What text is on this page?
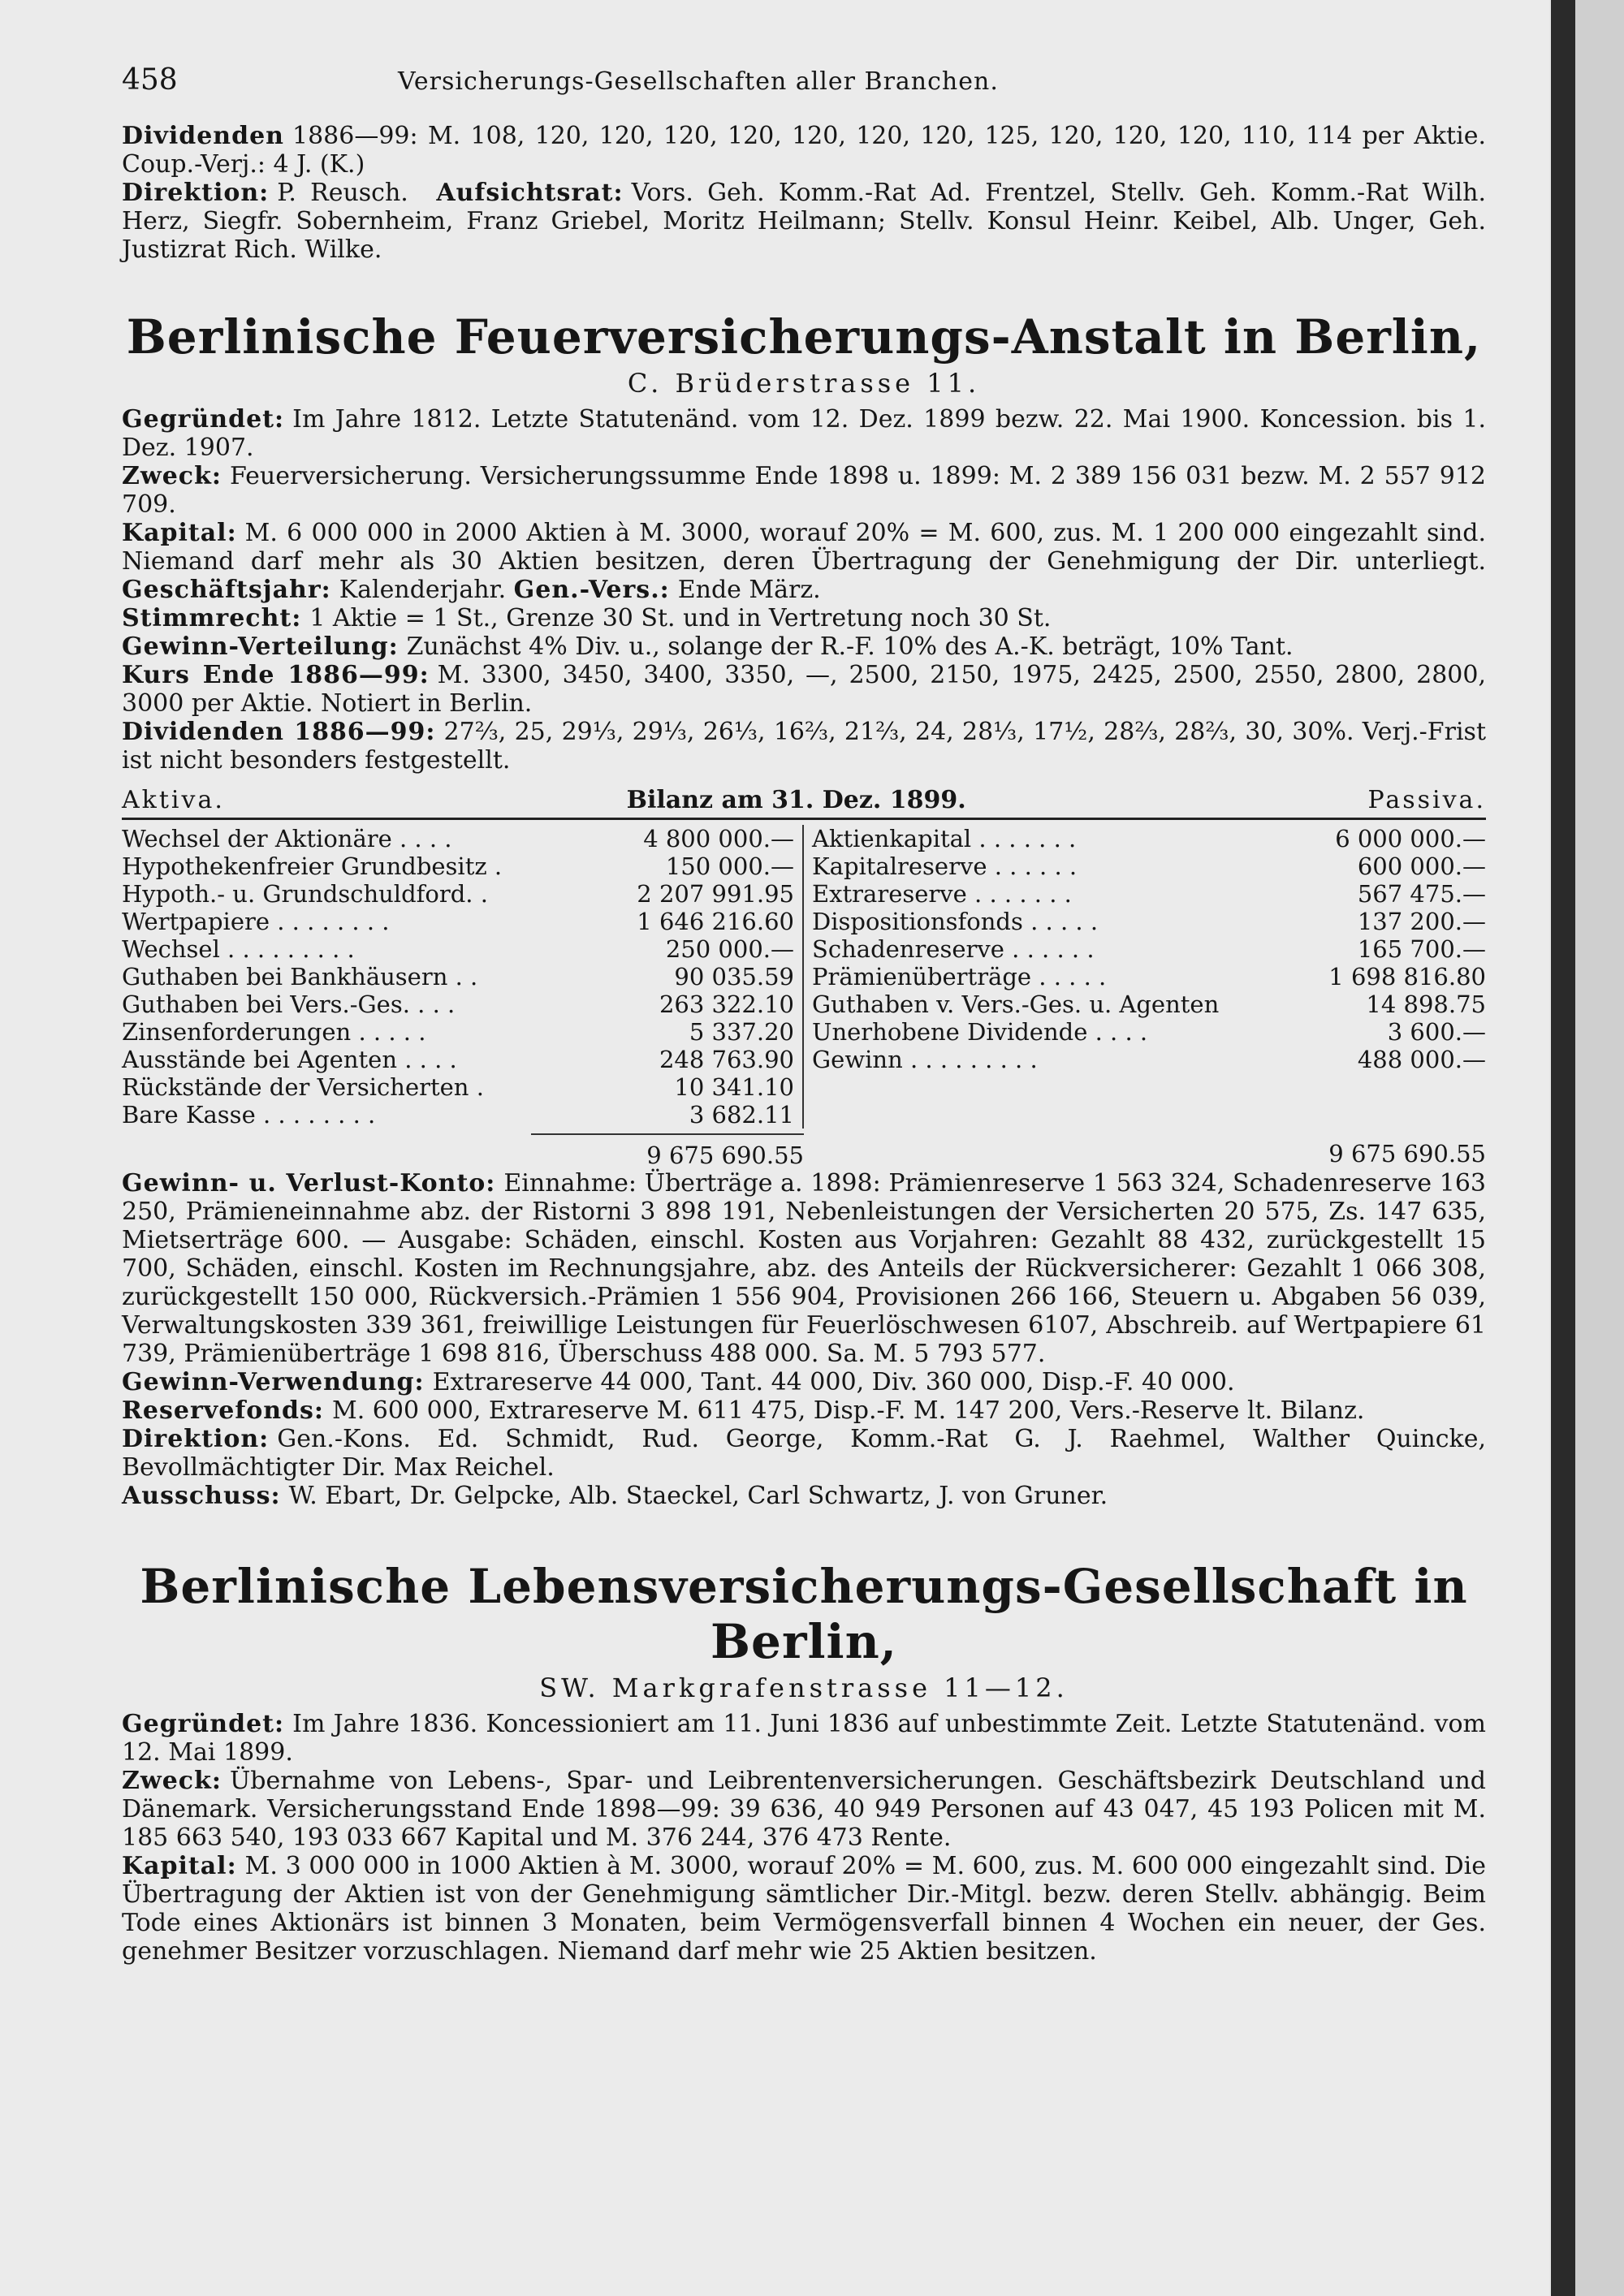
458	Versicherungs-Gesellschaften aller Branchen.

Dividenden 1886—99: M. 108, 120, 120, 120, 120, 120, 120, 120, 125, 120, 120, 120, 110, 114 per Aktie. Coup.-Verj.: 4 J. (K.)

Direktion: P. Reusch. Aufsichtsrat: Vors. Geh. Komm.-Rat Ad. Frentzel, Stellv. Geh. Komm.-Rat Wilh. Herz, Siegfr. Sobernheim, Franz Griebel, Moritz Heilmann; Stellv. Konsul Heinr. Keibel, Alb. Unger, Geh. Justizrat Rich. Wilke.

Berlinische Feuerversicherungs-Anstalt in Berlin,
C. Brüderstrasse 11.

Gegründet: Im Jahre 1812. Letzte Statutenänd. vom 12. Dez. 1899 bezw. 22. Mai 1900. Koncession. bis 1. Dez. 1907.

Zweck: Feuerversicherung. Versicherungssumme Ende 1898 u. 1899: M. 2 389 156 031 bezw. M. 2 557 912 709.

Kapital: M. 6 000 000 in 2000 Aktien à M. 3000, worauf 20% = M. 600, zus. M. 1 200 000 eingezahlt sind. Niemand darf mehr als 30 Aktien besitzen, deren Übertragung der Genehmigung der Dir. unterliegt. Geschäftsjahr: Kalenderjahr. Gen.-Vers.: Ende März.

Stimmrecht: 1 Aktie = 1 St., Grenze 30 St. und in Vertretung noch 30 St.

Gewinn-Verteilung: Zunächst 4% Div. u., solange der R.-F. 10% des A.-K. beträgt, 10% Tant.

Kurs Ende 1886—99: M. 3300, 3450, 3400, 3350, —, 2500, 2150, 1975, 2425, 2500, 2550, 2800, 2800, 3000 per Aktie. Notiert in Berlin.

Dividenden 1886—99: 27⅔, 25, 29⅓, 29⅓, 26⅓, 16⅔, 21⅔, 24, 28⅓, 17½, 28⅔, 28⅔, 30, 30%. Verj.-Frist ist nicht besonders festgestellt.

Aktiva.	Bilanz am 31. Dez. 1899.	Passiva.
Wechsel der Aktionäre . . . .	4 800 000.—
Hypothekenfreier Grundbesitz .	150 000.—
Hypoth.- u. Grundschuldford. .	2 207 991.95
Wertpapiere . . . . . . . .	1 646 216.60
Wechsel . . . . . . . . .	250 000.—
Guthaben bei Bankhäusern . .	90 035.59
Guthaben bei Vers.-Ges. . . .	263 322.10
Zinsenforderungen . . . . .	5 337.20
Ausstände bei Agenten . . . .	248 763.90
Rückstände der Versicherten .	10 341.10
Bare Kasse . . . . . . . .	3 682.11
Aktienkapital . . . . . . .	6 000 000.—
Kapitalreserve . . . . . .	600 000.—
Extrareserve . . . . . . .	567 475.—
Dispositionsfonds . . . . .	137 200.—
Schadenreserve . . . . . .	165 700.—
Prämienüberträge . . . . .	1 698 816.80
Guthaben v. Vers.-Ges. u. Agenten	14 898.75
Unerhobene Dividende . . . .	3 600.—
Gewinn . . . . . . . . .	488 000.—
9 675 690.55	9 675 690.55

Gewinn- u. Verlust-Konto: Einnahme: Überträge a. 1898: Prämienreserve 1 563 324, Schadenreserve 163 250, Prämieneinnahme abz. der Ristorni 3 898 191, Nebenleistungen der Versicherten 20 575, Zs. 147 635, Mietserträge 600. — Ausgabe: Schäden, einschl. Kosten aus Vorjahren: Gezahlt 88 432, zurückgestellt 15 700, Schäden, einschl. Kosten im Rechnungsjahre, abz. des Anteils der Rückversicherer: Gezahlt 1 066 308, zurückgestellt 150 000, Rückversich.-Prämien 1 556 904, Provisionen 266 166, Steuern u. Abgaben 56 039, Verwaltungskosten 339 361, freiwillige Leistungen für Feuerlöschwesen 6107, Abschreib. auf Wertpapiere 61 739, Prämienüberträge 1 698 816, Überschuss 488 000. Sa. M. 5 793 577.

Gewinn-Verwendung: Extrareserve 44 000, Tant. 44 000, Div. 360 000, Disp.-F. 40 000.

Reservefonds: M. 600 000, Extrareserve M. 611 475, Disp.-F. M. 147 200, Vers.-Reserve lt. Bilanz.

Direktion: Gen.-Kons. Ed. Schmidt, Rud. George, Komm.-Rat G. J. Raehmel, Walther Quincke, Bevollmächtigter Dir. Max Reichel.

Ausschuss: W. Ebart, Dr. Gelpcke, Alb. Staeckel, Carl Schwartz, J. von Gruner.

Berlinische Lebensversicherungs-Gesellschaft in Berlin,
SW. Markgrafenstrasse 11—12.

Gegründet: Im Jahre 1836. Koncessioniert am 11. Juni 1836 auf unbestimmte Zeit. Letzte Statutenänd. vom 12. Mai 1899.

Zweck: Übernahme von Lebens-, Spar- und Leibrentenversicherungen. Geschäftsbezirk Deutschland und Dänemark. Versicherungsstand Ende 1898—99: 39 636, 40 949 Personen auf 43 047, 45 193 Policen mit M. 185 663 540, 193 033 667 Kapital und M. 376 244, 376 473 Rente.

Kapital: M. 3 000 000 in 1000 Aktien à M. 3000, worauf 20% = M. 600, zus. M. 600 000 eingezahlt sind. Die Übertragung der Aktien ist von der Genehmigung sämtlicher Dir.-Mitgl. bezw. deren Stellv. abhängig. Beim Tode eines Aktionärs ist binnen 3 Monaten, beim Vermögensverfall binnen 4 Wochen ein neuer, der Ges. genehmer Besitzer vorzuschlagen. Niemand darf mehr wie 25 Aktien besitzen.
